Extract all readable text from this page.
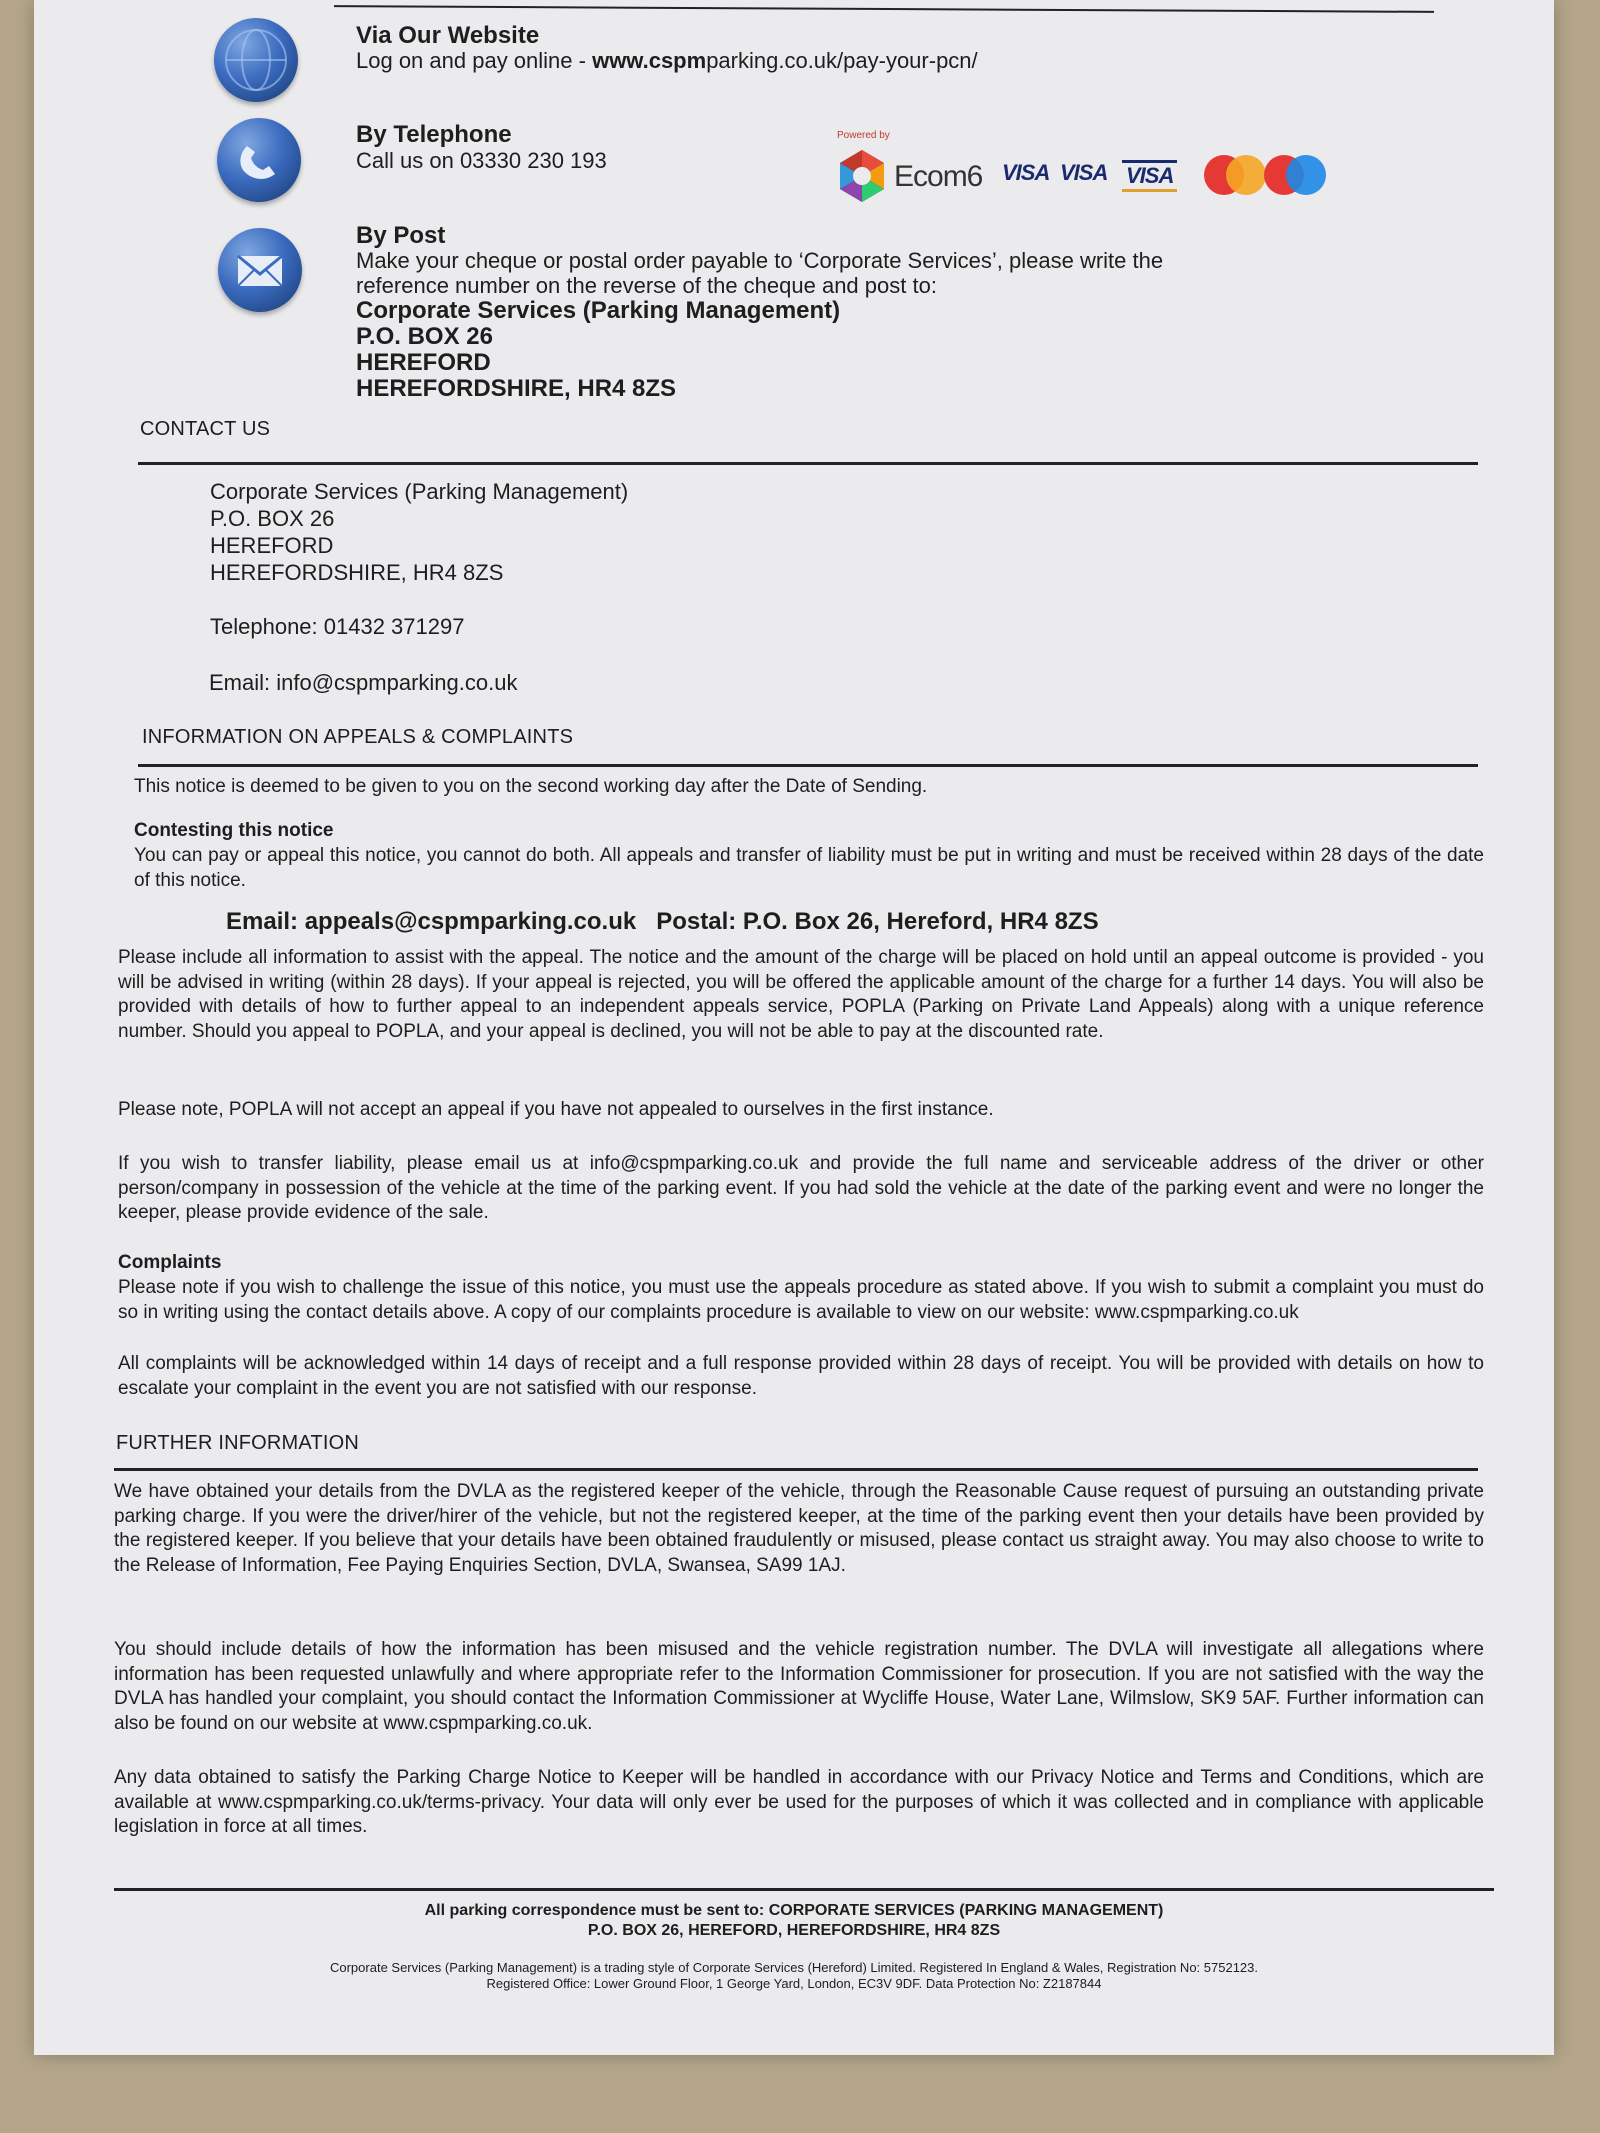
Via Our Website
Log on and pay online - www.cspmparking.co.uk/pay-your-pcn/
By Telephone
Call us on 03330 230 193
Powered by
Ecom6 VISA VISA VISA
By Post
Make your cheque or postal order payable to ‘Corporate Services’, please write the
reference number on the reverse of the cheque and post to:
Corporate Services (Parking Management)
P.O. BOX 26
HEREFORD
HEREFORDSHIRE, HR4 8ZS
CONTACT US
Corporate Services (Parking Management)
P.O. BOX 26
HEREFORD
HEREFORDSHIRE, HR4 8ZS
Telephone: 01432 371297
Email: info@cspmparking.co.uk
INFORMATION ON APPEALS & COMPLAINTS
This notice is deemed to be given to you on the second working day after the Date of Sending.
Contesting this notice
You can pay or appeal this notice, you cannot do both. All appeals and transfer of liability must be put in writing and must be received within 28 days of the date of this notice.
Email: appeals@cspmparking.co.uk Postal: P.O. Box 26, Hereford, HR4 8ZS
Please include all information to assist with the appeal. The notice and the amount of the charge will be placed on hold until an appeal outcome is provided - you will be advised in writing (within 28 days). If your appeal is rejected, you will be offered the applicable amount of the charge for a further 14 days. You will also be provided with details of how to further appeal to an independent appeals service, POPLA (Parking on Private Land Appeals) along with a unique reference number. Should you appeal to POPLA, and your appeal is declined, you will not be able to pay at the discounted rate.
Please note, POPLA will not accept an appeal if you have not appealed to ourselves in the first instance.
If you wish to transfer liability, please email us at info@cspmparking.co.uk and provide the full name and serviceable address of the driver or other person/company in possession of the vehicle at the time of the parking event. If you had sold the vehicle at the date of the parking event and were no longer the keeper, please provide evidence of the sale.
Complaints
Please note if you wish to challenge the issue of this notice, you must use the appeals procedure as stated above. If you wish to submit a complaint you must do so in writing using the contact details above. A copy of our complaints procedure is available to view on our website: www.cspmparking.co.uk
All complaints will be acknowledged within 14 days of receipt and a full response provided within 28 days of receipt. You will be provided with details on how to escalate your complaint in the event you are not satisfied with our response.
FURTHER INFORMATION
We have obtained your details from the DVLA as the registered keeper of the vehicle, through the Reasonable Cause request of pursuing an outstanding private parking charge. If you were the driver/hirer of the vehicle, but not the registered keeper, at the time of the parking event then your details have been provided by the registered keeper. If you believe that your details have been obtained fraudulently or misused, please contact us straight away. You may also choose to write to the Release of Information, Fee Paying Enquiries Section, DVLA, Swansea, SA99 1AJ.
You should include details of how the information has been misused and the vehicle registration number. The DVLA will investigate all allegations where information has been requested unlawfully and where appropriate refer to the Information Commissioner for prosecution. If you are not satisfied with the way the DVLA has handled your complaint, you should contact the Information Commissioner at Wycliffe House, Water Lane, Wilmslow, SK9 5AF. Further information can also be found on our website at www.cspmparking.co.uk.
Any data obtained to satisfy the Parking Charge Notice to Keeper will be handled in accordance with our Privacy Notice and Terms and Conditions, which are available at www.cspmparking.co.uk/terms-privacy. Your data will only ever be used for the purposes of which it was collected and in compliance with applicable legislation in force at all times.
All parking correspondence must be sent to: CORPORATE SERVICES (PARKING MANAGEMENT)
P.O. BOX 26, HEREFORD, HEREFORDSHIRE, HR4 8ZS
Corporate Services (Parking Management) is a trading style of Corporate Services (Hereford) Limited. Registered In England & Wales, Registration No: 5752123.
Registered Office: Lower Ground Floor, 1 George Yard, London, EC3V 9DF. Data Protection No: Z2187844
